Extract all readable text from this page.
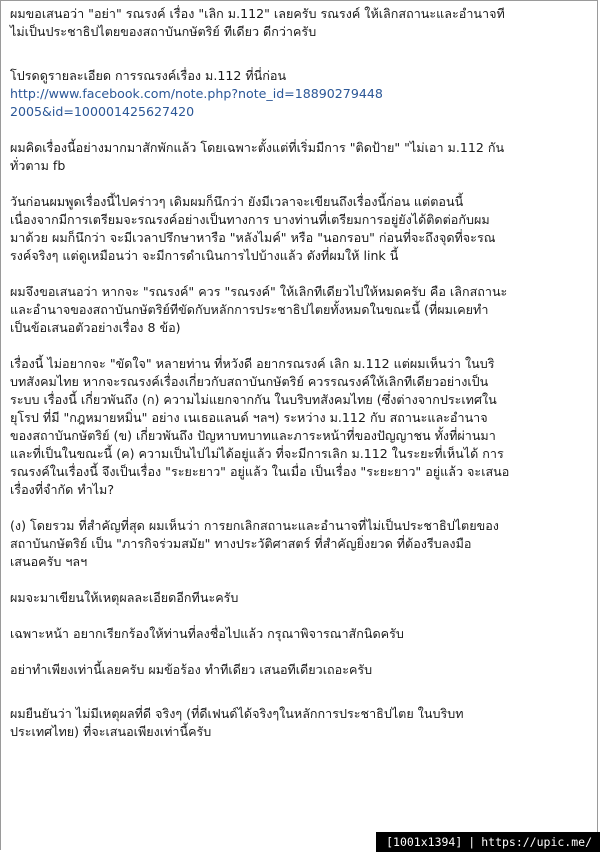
ผมขอเสนอว่า "อย่า" รณรงค์ เรื่อง "เลิก ม.112" เลยครับ รณรงค์ ให้เลิกสถานะและอำนาจที
ไม่เป็นประชาธิปไตยของสถาบันกษัตริย์ ทีเดียว ดีกว่าครับ

โปรดดูรายละเอียด การรณรงค์เรื่อง ม.112 ที่นี่ก่อน

http://www.facebook.com/note.php?note_id=18890279448
2005&id=100001425627420

ผมคิดเรื่องนี้อย่างมากมาสักพักแล้ว โดยเฉพาะตั้งแต่ที่เริ่มมีการ "ติดป้าย" "ไม่เอา ม.112 กัน
ทั่วตาม fb

วันก่อนผมพูดเรื่องนี้ไปคร่าวๆ เดิมผมก็นึกว่า ยังมีเวลาจะเขียนถึงเรื่องนี้ก่อน แต่ตอนนี้
เนื่องจากมีการเตรียมจะรณรงค์อย่างเป็นทางการ บางท่านที่เตรียมการอยู่ยังได้ติดต่อกับผม
มาด้วย ผมก็นึกว่า จะมีเวลาปรึกษาหารือ "หลังไมค์" หรือ "นอกรอบ" ก่อนที่จะถึงจุดที่จะรณ
รงค์จริงๆ แต่ดูเหมือนว่า จะมีการดำเนินการไปบ้างแล้ว ดังที่ผมให้ link นี้

ผมจึงขอเสนอว่า หากจะ "รณรงค์" ควร "รณรงค์" ให้เลิกทีเดียวไปให้หมดครับ คือ เลิกสถานะ
และอำนาจของสถาบันกษัตริย์ทีขัดกับหลักการประชาธิปไตยทั้งหมดในขณะนี้ (ที่ผมเคยทำ
เป็นข้อเสนอตัวอย่างเรื่อง 8 ข้อ)

เรื่องนี้ ไม่อยากจะ "ขัดใจ" หลายท่าน ที่หวังดี อยากรณรงค์ เลิก ม.112 แต่ผมเห็นว่า ในบริ
บทสังคมไทย หากจะรณรงค์เรื่องเกี่ยวกับสถาบันกษัตริย์ ควรรณรงค์ให้เลิกทีเดียวอย่างเป็น
ระบบ เรื่องนี้ เกี่ยวพันถึง (ก) ความไม่แยกจากกัน ในบริบทสังคมไทย (ซึ่งต่างจากประเทศใน
ยุโรป ที่มี "กฎหมายหมิ่น" อย่าง เนเธอแลนด์ ฯลฯ) ระหว่าง ม.112 กับ สถานะและอำนาจ
ของสถาบันกษัตริย์ (ข) เกี่ยวพันถึง ปัญหาบทบาทและภาระหน้าที่ของปัญญาชน ทั้งที่ผ่านมา
และที่เป็นในขณะนี้ (ค) ความเป็นไปไม่ได้อยู่แล้ว ที่จะมีการเลิก ม.112 ในระยะที่เห็นได้ การ
รณรงค์ในเรื่องนี้ จึงเป็นเรื่อง "ระยะยาว" อยู่แล้ว ในเมื่อ เป็นเรื่อง "ระยะยาว" อยู่แล้ว จะเสนอ
เรื่องที่จำกัด ทำไม?

(ง) โดยรวม ที่สำคัญที่สุด ผมเห็นว่า การยกเลิกสถานะและอำนาจที่ไม่เป็นประชาธิปไตยของ
สถาบันกษัตริย์ เป็น "ภารกิจร่วมสมัย" ทางประวัติศาสตร์ ที่สำคัญยิ่งยวด ที่ต้องรีบลงมือ
เสนอครับ ฯลฯ

ผมจะมาเขียนให้เหตุผลละเอียดอีกทีนะครับ

เฉพาะหน้า อยากเรียกร้องให้ท่านที่ลงชื่อไปแล้ว กรุณาพิจารณาสักนิดครับ

อย่าทำเพียงเท่านี้เลยครับ ผมข้อร้อง ทำทีเดียว เสนอทีเดียวเถอะครับ

ผมยืนยันว่า ไม่มีเหตุผลที่ดี จริงๆ (ที่ดีเฟนด์ได้จริงๆในหลักการประชาธิปไตย ในบริบท
ประเทศไทย) ที่จะเสนอเพียงเท่านี้ครับ

[1001x1394] | https://upic.me/
